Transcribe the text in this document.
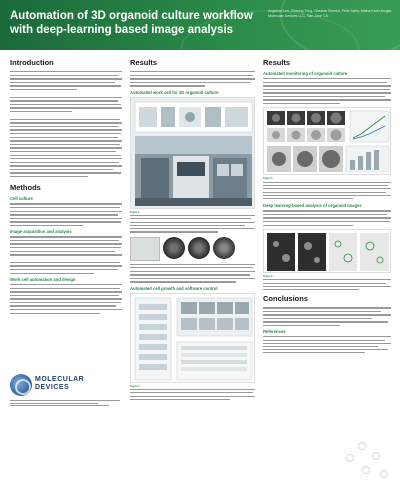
Automation of 3D organoid culture workflow
with deep-learning based image analysis
Angeline Lim, Zhisong Tong, Oksana Sirenko, Felix Spira, Misha Koch-Kruger, Molecular Devices LLC, San Jose CA
Introduction
Methods
Cell culture
Image acquisition and analysis
Work cell automation and design
MOLECULAR
DEVICES
Results
Automated work cell for 3D organoid culture
Figure 1.
Automated cell growth and software control
Figure 2.
Results
Automated monitoring of organoid culture
Figure 3.
Deep learning-based analysis of organoid images
Figure 4.
Conclusions
References
